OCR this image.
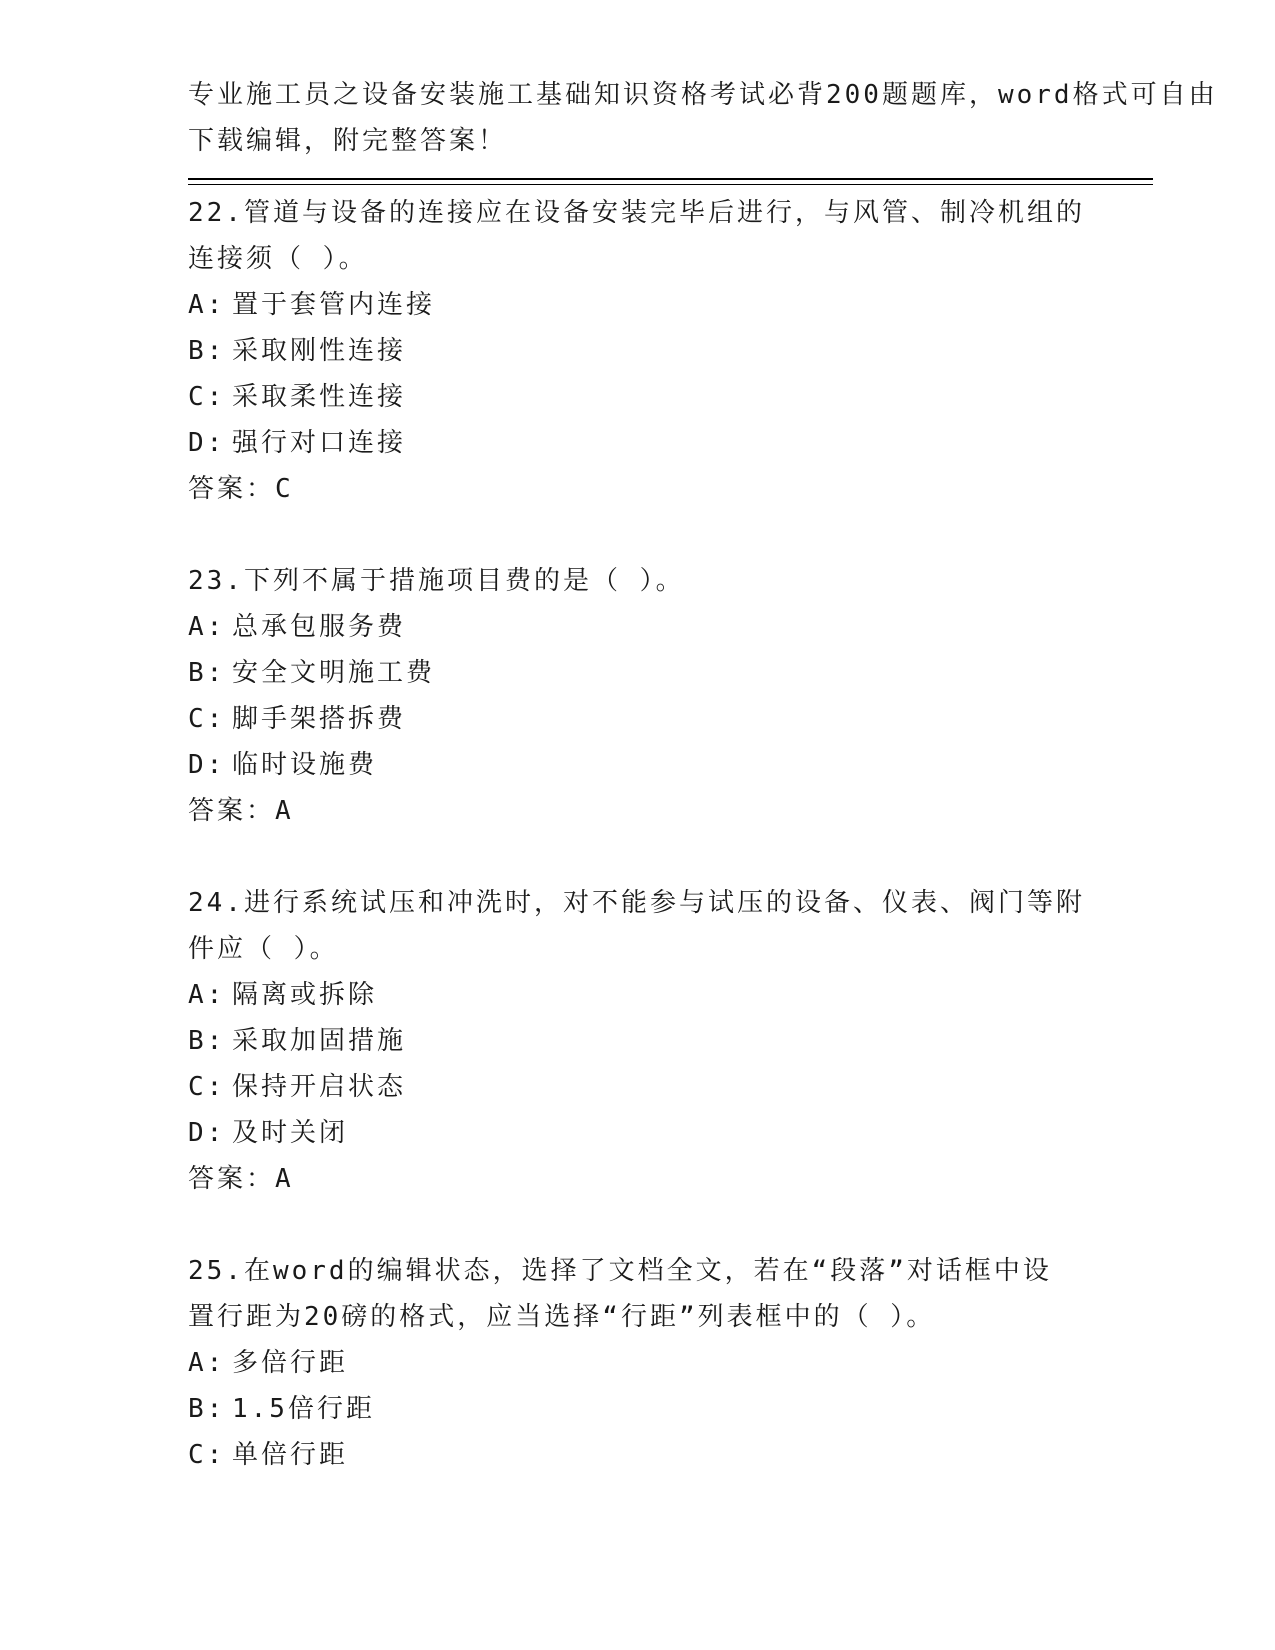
专业施工员之设备安装施工基础知识资格考试必背200题题库，word格式可自由
下载编辑，附完整答案！
22.管道与设备的连接应在设备安装完毕后进行，与风管、制冷机组的
连接须（ ）。
A: 置于套管内连接
B: 采取刚性连接
C: 采取柔性连接
D: 强行对口连接
答案：C
23.下列不属于措施项目费的是（ ）。
A: 总承包服务费
B: 安全文明施工费
C: 脚手架搭拆费
D: 临时设施费
答案：A
24.进行系统试压和冲洗时，对不能参与试压的设备、仪表、阀门等附
件应（ ）。
A: 隔离或拆除
B: 采取加固措施
C: 保持开启状态
D: 及时关闭
答案：A
25.在word的编辑状态，选择了文档全文，若在“段落”对话框中设
置行距为20磅的格式，应当选择“行距”列表框中的（ ）。
A: 多倍行距
B: 1.5倍行距
C: 单倍行距
